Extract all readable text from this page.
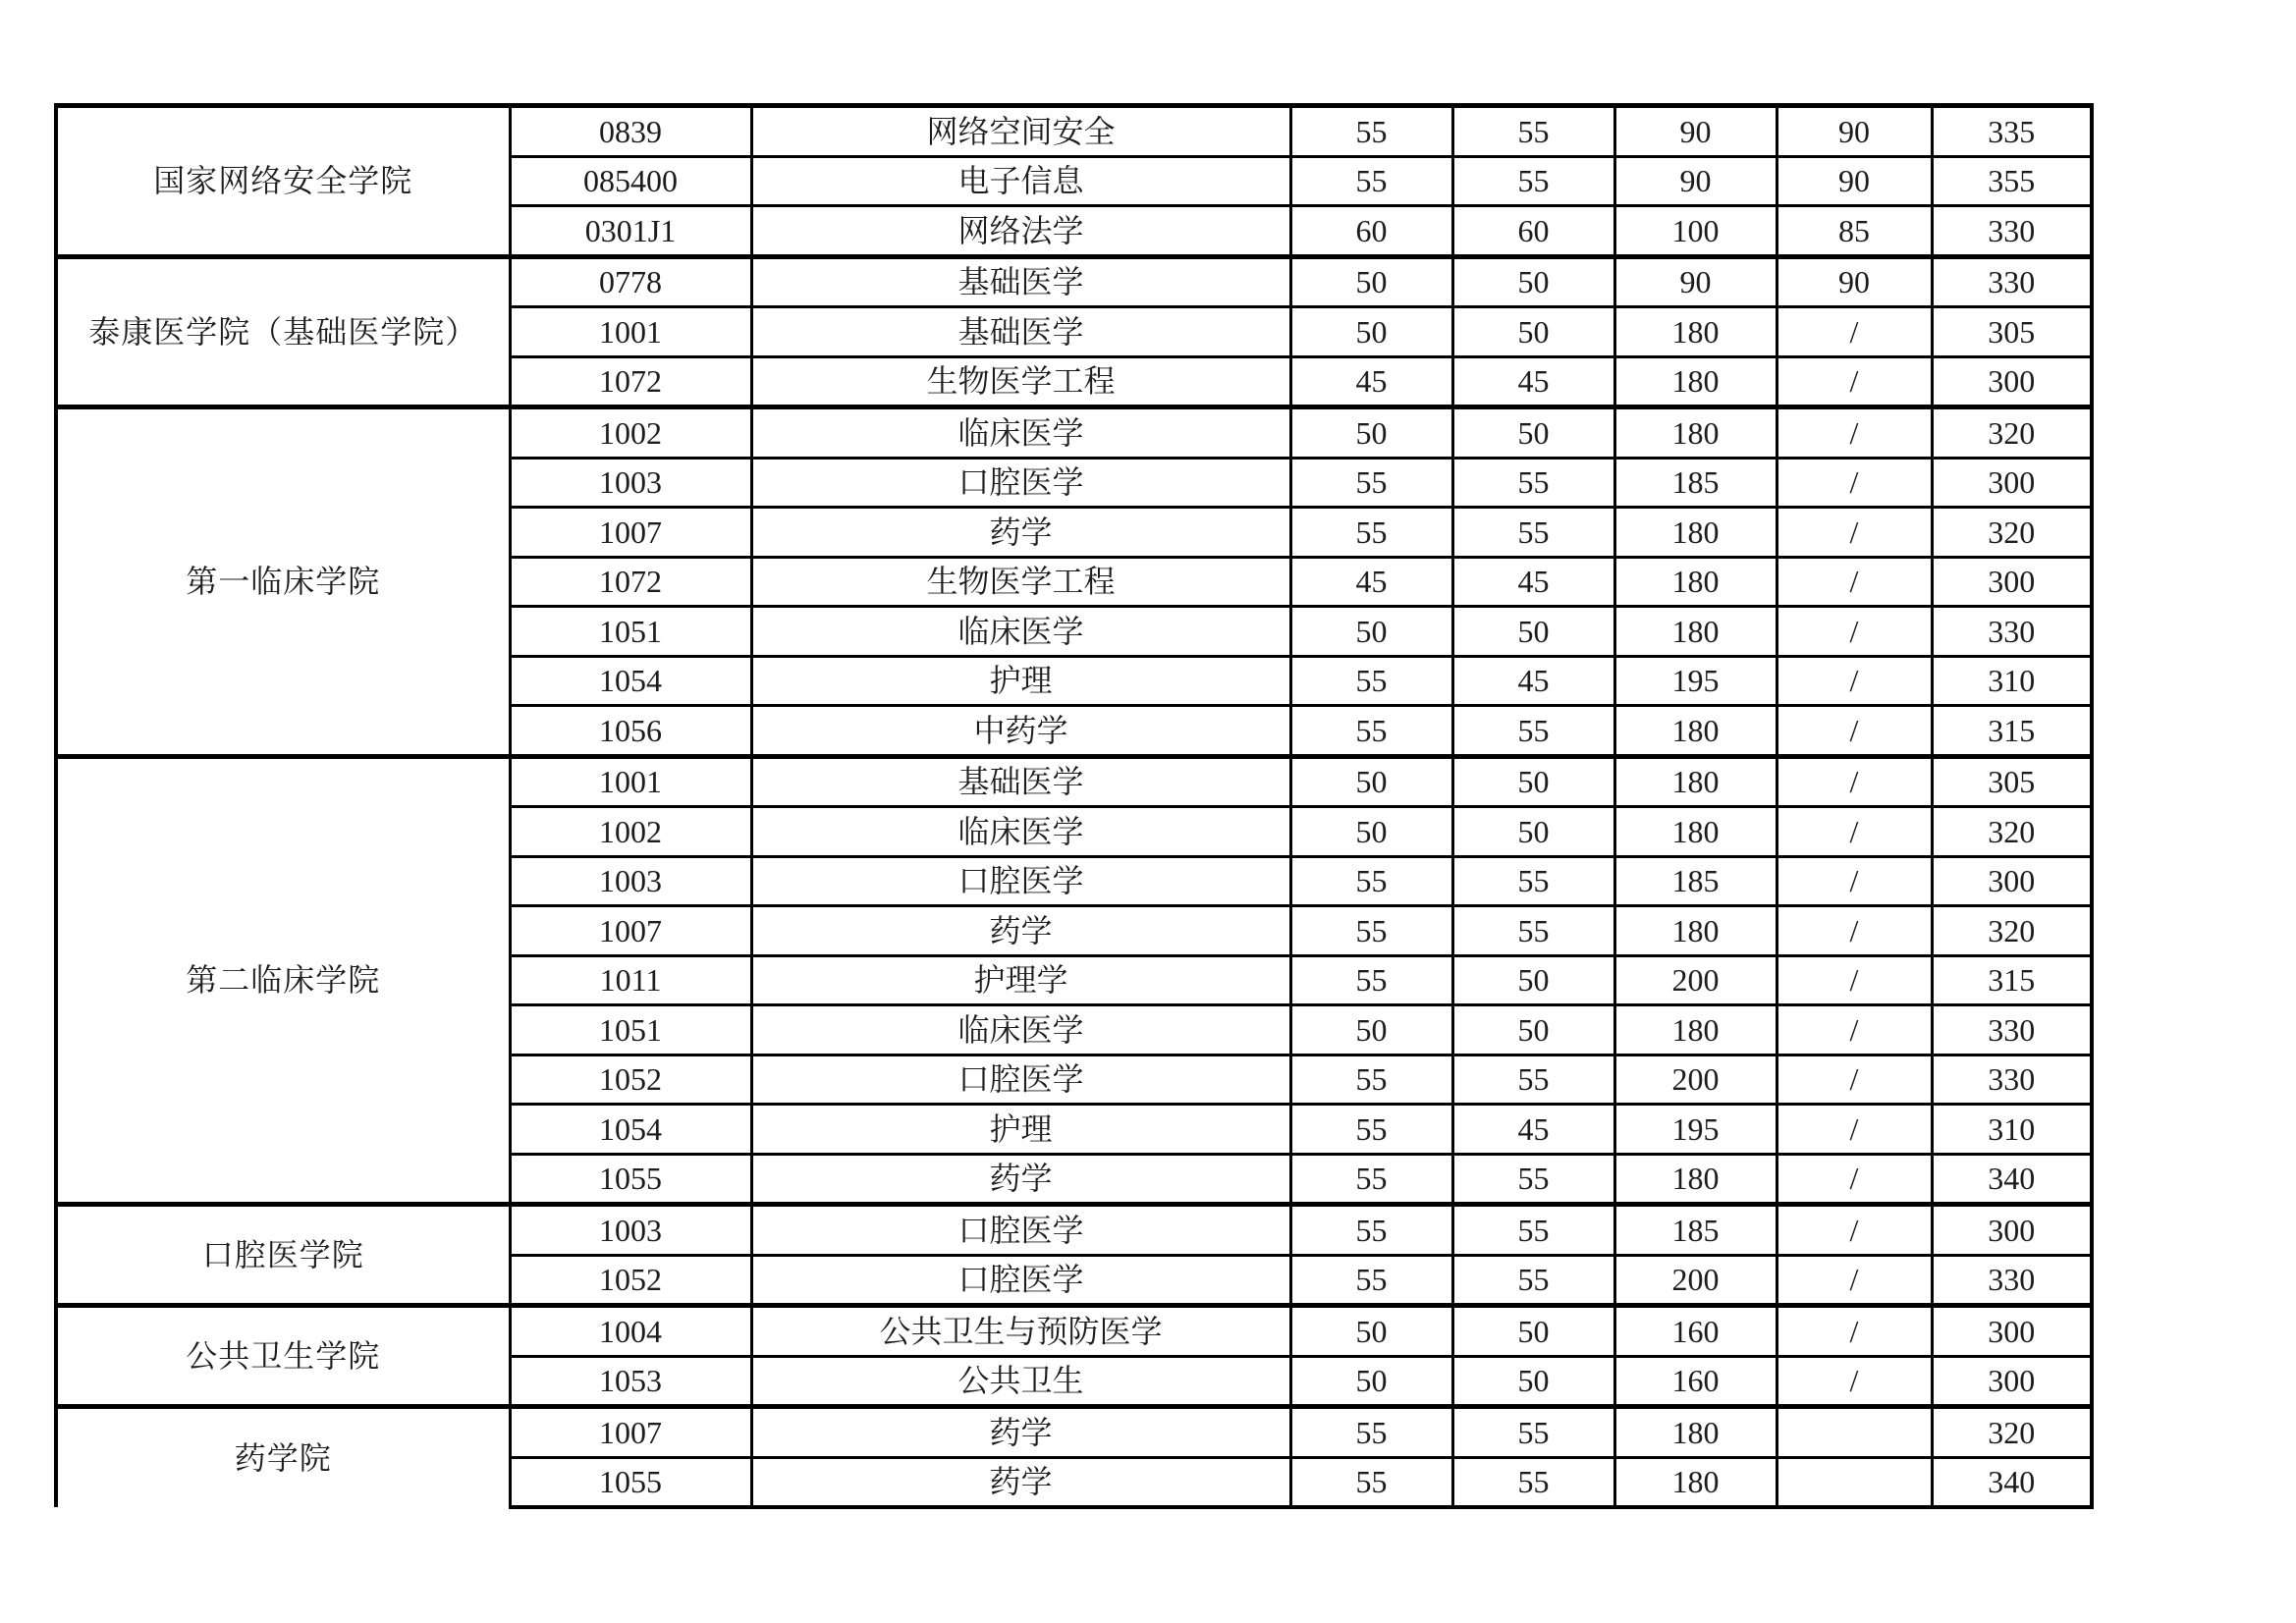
国家网络安全学院	0839	网络空间安全	55	55	90	90	335
	085400	电子信息	55	55	90	90	355
	0301J1	网络法学	60	60	100	85	330
泰康医学院（基础医学院）	0778	基础医学	50	50	90	90	330
	1001	基础医学	50	50	180	/	305
	1072	生物医学工程	45	45	180	/	300
第一临床学院	1002	临床医学	50	50	180	/	320
	1003	口腔医学	55	55	185	/	300
	1007	药学	55	55	180	/	320
	1072	生物医学工程	45	45	180	/	300
	1051	临床医学	50	50	180	/	330
	1054	护理	55	45	195	/	310
	1056	中药学	55	55	180	/	315
第二临床学院	1001	基础医学	50	50	180	/	305
	1002	临床医学	50	50	180	/	320
	1003	口腔医学	55	55	185	/	300
	1007	药学	55	55	180	/	320
	1011	护理学	55	50	200	/	315
	1051	临床医学	50	50	180	/	330
	1052	口腔医学	55	55	200	/	330
	1054	护理	55	45	195	/	310
	1055	药学	55	55	180	/	340
口腔医学院	1003	口腔医学	55	55	185	/	300
	1052	口腔医学	55	55	200	/	330
公共卫生学院	1004	公共卫生与预防医学	50	50	160	/	300
	1053	公共卫生	50	50	160	/	300
药学院	1007	药学	55	55	180		320
	1055	药学	55	55	180		340
